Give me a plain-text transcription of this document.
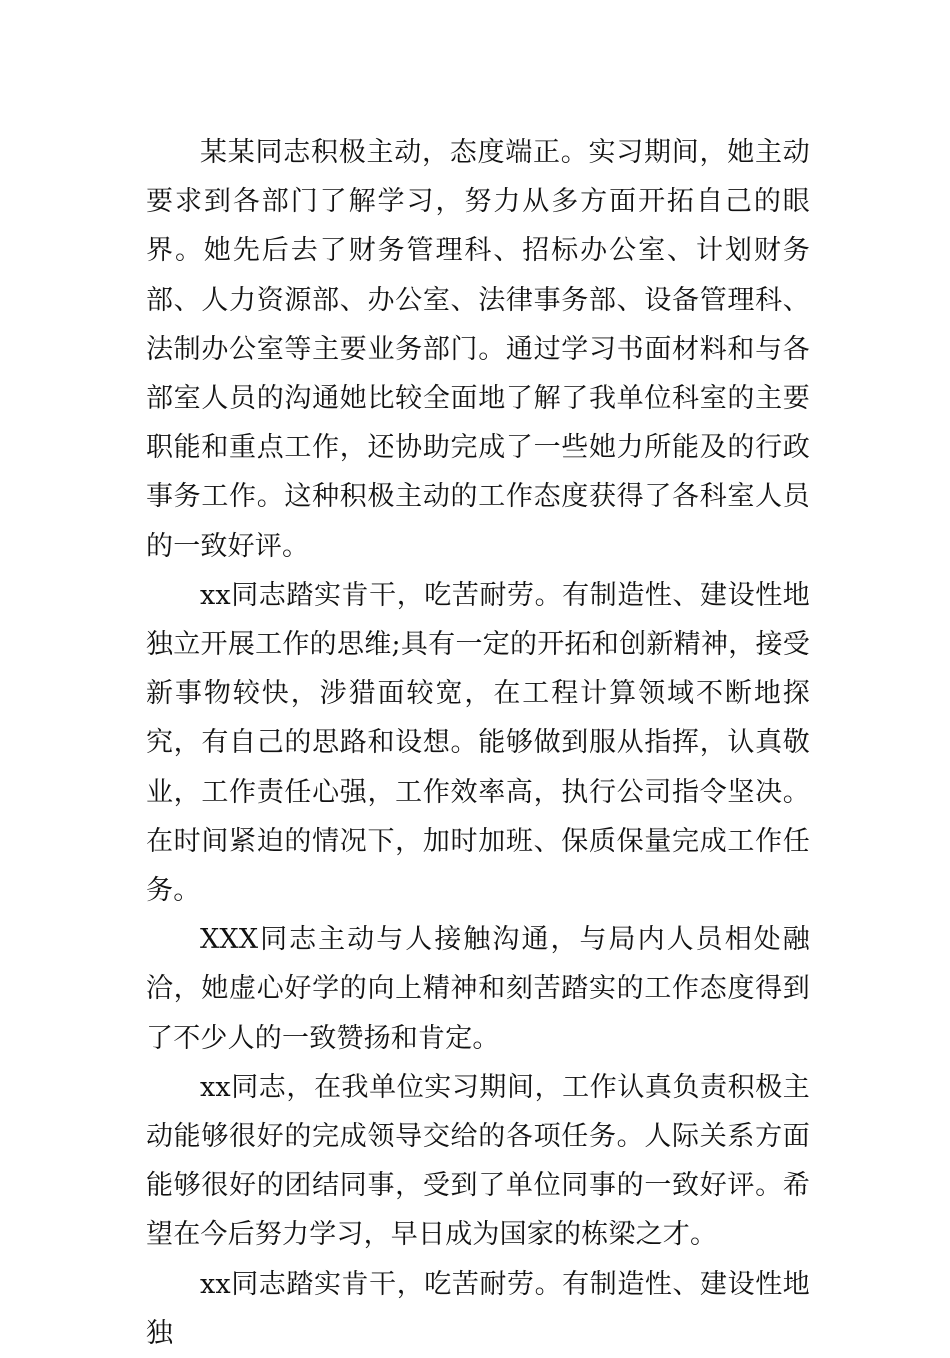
某某同志积极主动，态度端正。实习期间，她主动要求到各部门了解学习，努力从多方面开拓自己的眼界。她先后去了财务管理科、招标办公室、计划财务部、人力资源部、办公室、法律事务部、设备管理科、法制办公室等主要业务部门。通过学习书面材料和与各部室人员的沟通她比较全面地了解了我单位科室的主要职能和重点工作，还协助完成了一些她力所能及的行政事务工作。这种积极主动的工作态度获得了各科室人员的一致好评。

xx同志踏实肯干，吃苦耐劳。有制造性、建设性地独立开展工作的思维;具有一定的开拓和创新精神，接受新事物较快，涉猎面较宽，在工程计算领域不断地探究，有自己的思路和设想。能够做到服从指挥，认真敬业，工作责任心强，工作效率高，执行公司指令坚决。在时间紧迫的情况下，加时加班、保质保量完成工作任务。

XXX同志主动与人接触沟通，与局内人员相处融洽，她虚心好学的向上精神和刻苦踏实的工作态度得到了不少人的一致赞扬和肯定。

xx同志，在我单位实习期间，工作认真负责积极主动能够很好的完成领导交给的各项任务。人际关系方面能够很好的团结同事，受到了单位同事的一致好评。希望在今后努力学习，早日成为国家的栋梁之才。

xx同志踏实肯干，吃苦耐劳。有制造性、建设性地独
